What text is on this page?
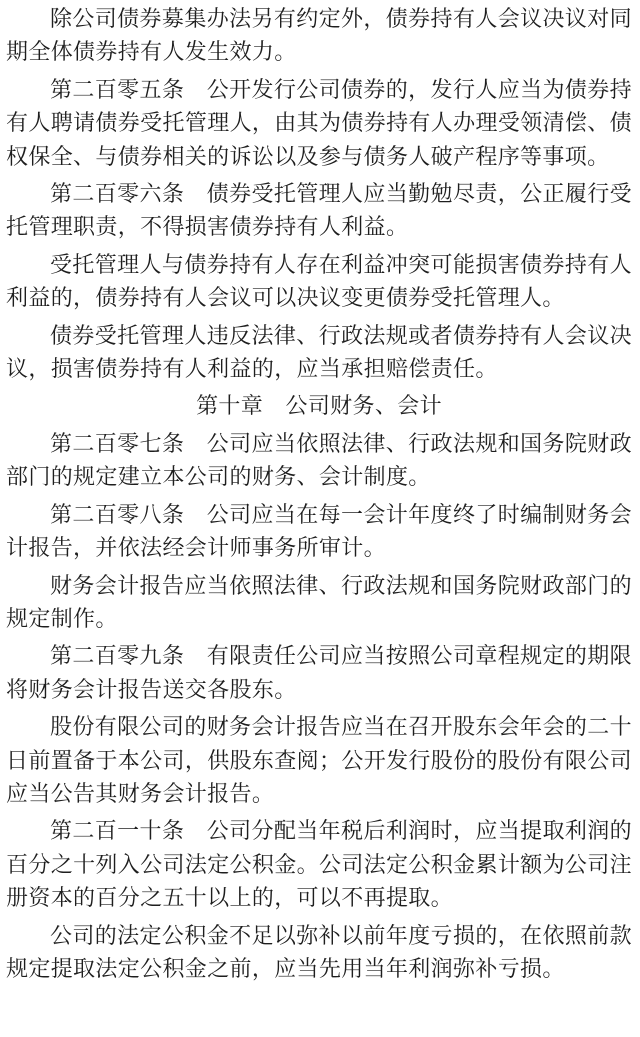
除公司债券募集办法另有约定外，债券持有人会议决议对同期全体债券持有人发生效力。

第二百零五条　公开发行公司债券的，发行人应当为债券持有人聘请债券受托管理人，由其为债券持有人办理受领清偿、债权保全、与债券相关的诉讼以及参与债务人破产程序等事项。

第二百零六条　债券受托管理人应当勤勉尽责，公正履行受托管理职责，不得损害债券持有人利益。

受托管理人与债券持有人存在利益冲突可能损害债券持有人利益的，债券持有人会议可以决议变更债券受托管理人。

债券受托管理人违反法律、行政法规或者债券持有人会议决议，损害债券持有人利益的，应当承担赔偿责任。

第十章　公司财务、会计

第二百零七条　公司应当依照法律、行政法规和国务院财政部门的规定建立本公司的财务、会计制度。

第二百零八条　公司应当在每一会计年度终了时编制财务会计报告，并依法经会计师事务所审计。

财务会计报告应当依照法律、行政法规和国务院财政部门的规定制作。

第二百零九条　有限责任公司应当按照公司章程规定的期限将财务会计报告送交各股东。

股份有限公司的财务会计报告应当在召开股东会年会的二十日前置备于本公司，供股东查阅；公开发行股份的股份有限公司应当公告其财务会计报告。

第二百一十条　公司分配当年税后利润时，应当提取利润的百分之十列入公司法定公积金。公司法定公积金累计额为公司注册资本的百分之五十以上的，可以不再提取。

公司的法定公积金不足以弥补以前年度亏损的，在依照前款规定提取法定公积金之前，应当先用当年利润弥补亏损。
